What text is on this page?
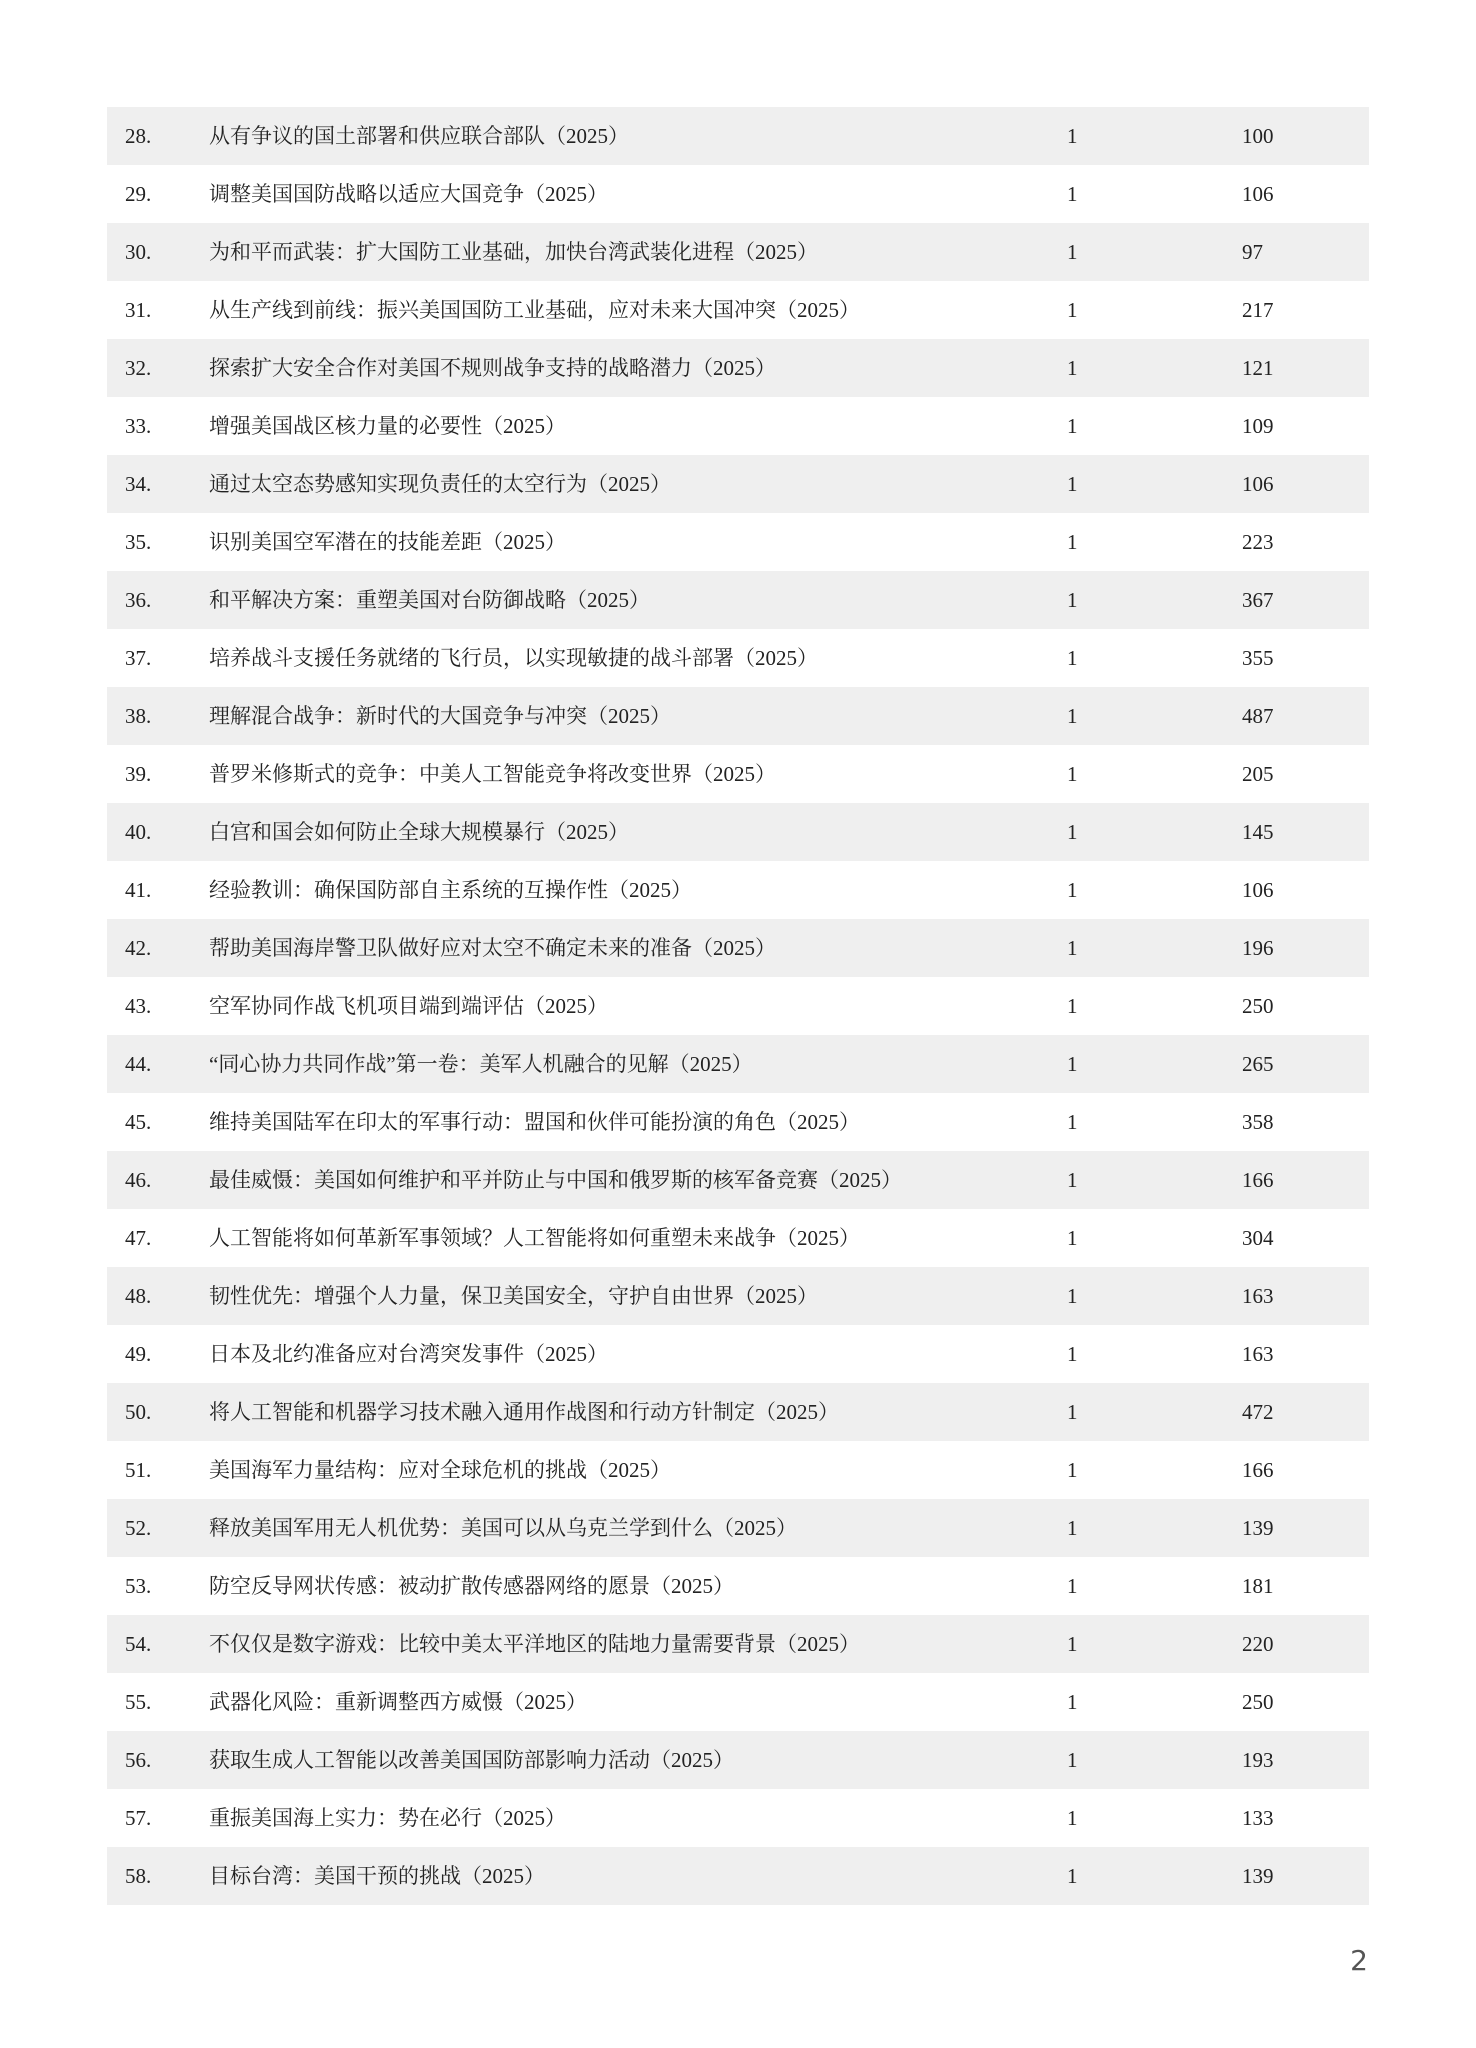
28.	从有争议的国土部署和供应联合部队（2025）	1	100
29.	调整美国国防战略以适应大国竞争（2025）	1	106
30.	为和平而武装：扩大国防工业基础，加快台湾武装化进程（2025）	1	97
31.	从生产线到前线：振兴美国国防工业基础，应对未来大国冲突（2025）	1	217
32.	探索扩大安全合作对美国不规则战争支持的战略潜力（2025）	1	121
33.	增强美国战区核力量的必要性（2025）	1	109
34.	通过太空态势感知实现负责任的太空行为（2025）	1	106
35.	识别美国空军潜在的技能差距（2025）	1	223
36.	和平解决方案：重塑美国对台防御战略（2025）	1	367
37.	培养战斗支援任务就绪的飞行员，以实现敏捷的战斗部署（2025）	1	355
38.	理解混合战争：新时代的大国竞争与冲突（2025）	1	487
39.	普罗米修斯式的竞争：中美人工智能竞争将改变世界（2025）	1	205
40.	白宫和国会如何防止全球大规模暴行（2025）	1	145
41.	经验教训：确保国防部自主系统的互操作性（2025）	1	106
42.	帮助美国海岸警卫队做好应对太空不确定未来的准备（2025）	1	196
43.	空军协同作战飞机项目端到端评估（2025）	1	250
44.	“同心协力共同作战”第一卷：美军人机融合的见解（2025）	1	265
45.	维持美国陆军在印太的军事行动：盟国和伙伴可能扮演的角色（2025）	1	358
46.	最佳威慑：美国如何维护和平并防止与中国和俄罗斯的核军备竞赛（2025）	1	166
47.	人工智能将如何革新军事领域？人工智能将如何重塑未来战争（2025）	1	304
48.	韧性优先：增强个人力量，保卫美国安全，守护自由世界（2025）	1	163
49.	日本及北约准备应对台湾突发事件（2025）	1	163
50.	将人工智能和机器学习技术融入通用作战图和行动方针制定（2025）	1	472
51.	美国海军力量结构：应对全球危机的挑战（2025）	1	166
52.	释放美国军用无人机优势：美国可以从乌克兰学到什么（2025）	1	139
53.	防空反导网状传感：被动扩散传感器网络的愿景（2025）	1	181
54.	不仅仅是数字游戏：比较中美太平洋地区的陆地力量需要背景（2025）	1	220
55.	武器化风险：重新调整西方威慑（2025）	1	250
56.	获取生成人工智能以改善美国国防部影响力活动（2025）	1	193
57.	重振美国海上实力：势在必行（2025）	1	133
58.	目标台湾：美国干预的挑战（2025）	1	139
2
